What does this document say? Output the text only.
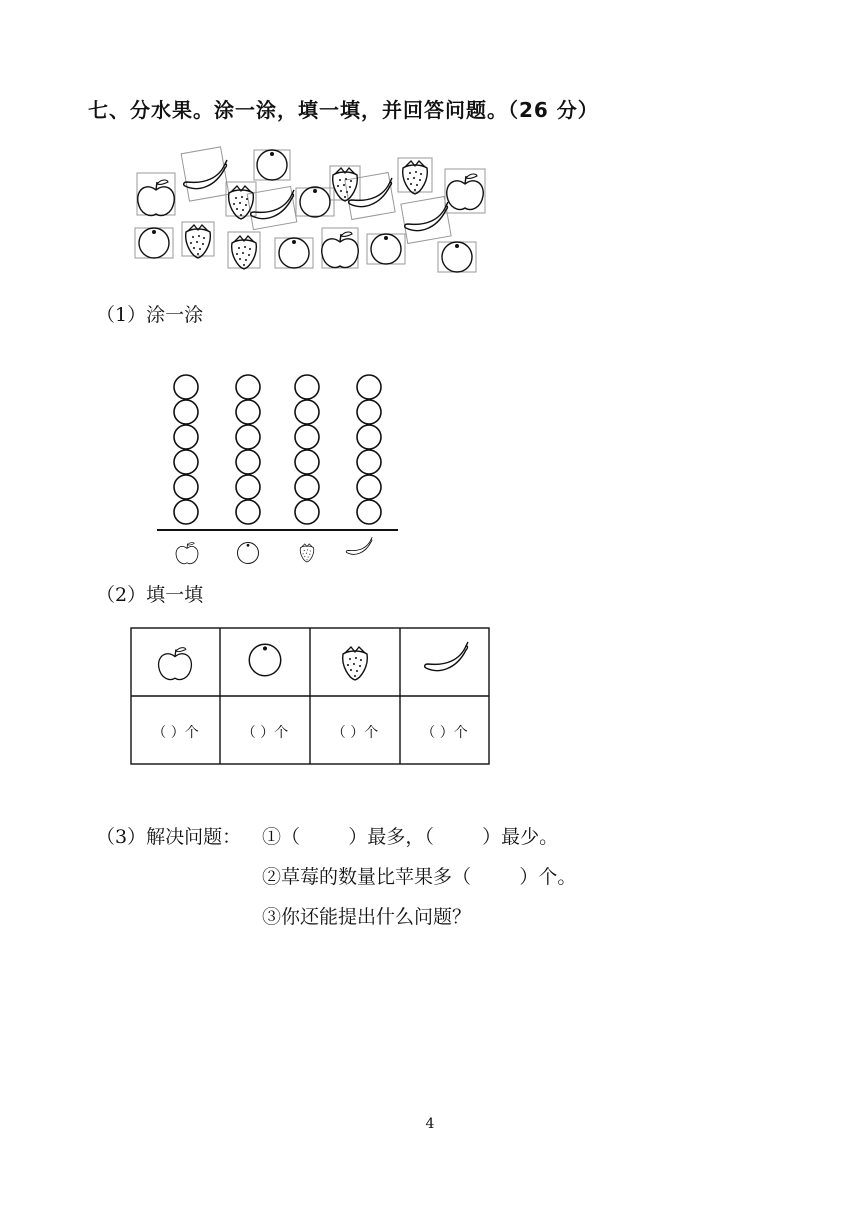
七、分水果。涂一涂，填一填，并回答问题。（26 分）
（1）涂一涂
（2）填一填
（ ）个	（ ）个	（ ）个	（ ）个
（3）解决问题： ①（        ）最多，（        ）最少。
②草莓的数量比苹果多（        ）个。
③你还能提出什么问题？
4
